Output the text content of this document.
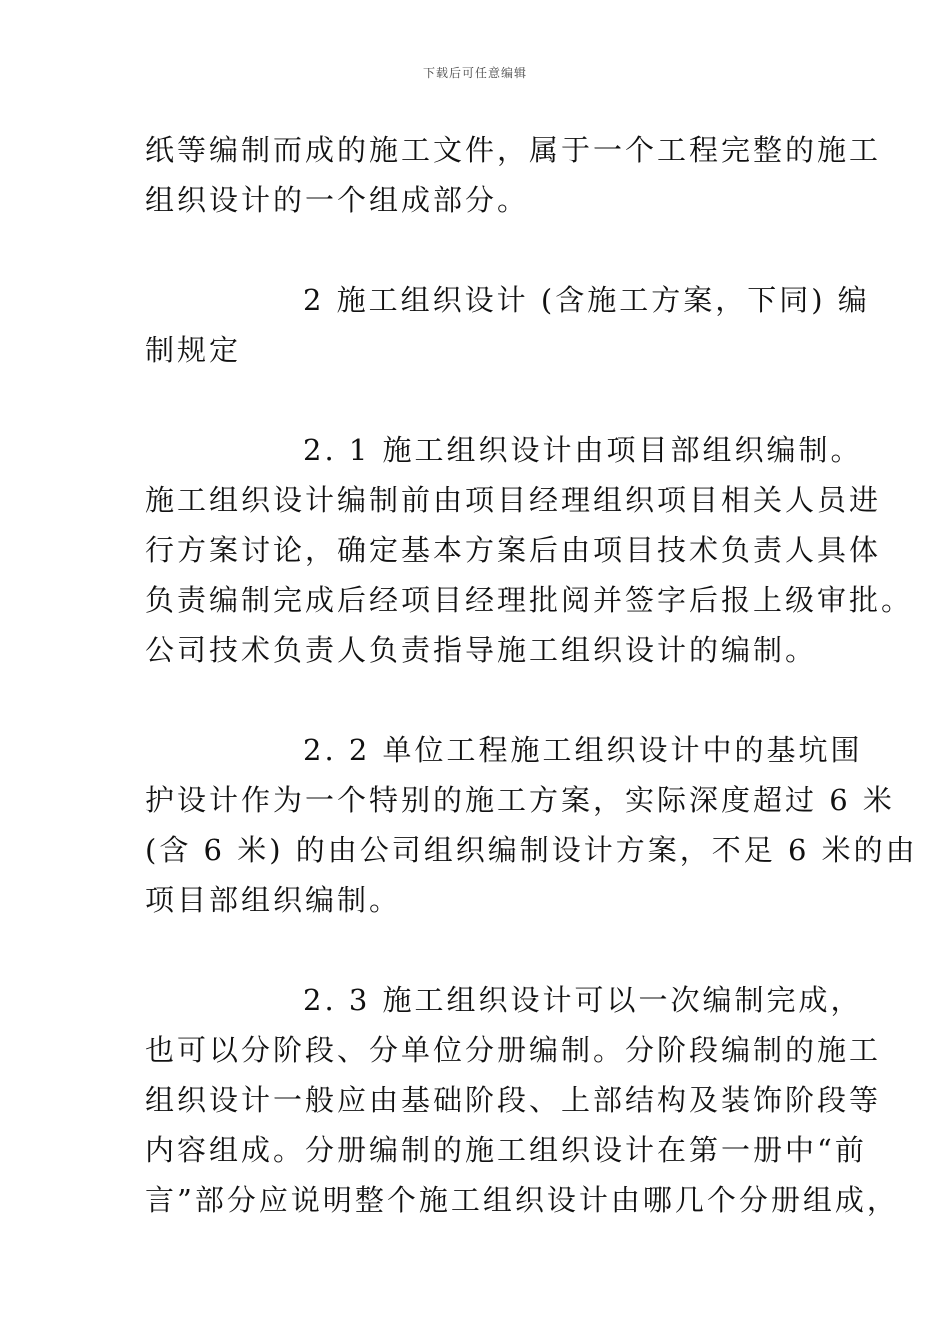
下载后可任意编辑
纸等编制而成的施工文件，属于一个工程完整的施工
组织设计的一个组成部分。
2 施工组织设计 (含施工方案，下同) 编
制规定
2. 1 施工组织设计由项目部组织编制。
施工组织设计编制前由项目经理组织项目相关人员进
行方案讨论，确定基本方案后由项目技术负责人具体
负责编制完成后经项目经理批阅并签字后报上级审批。
公司技术负责人负责指导施工组织设计的编制。
2. 2 单位工程施工组织设计中的基坑围
护设计作为一个特别的施工方案，实际深度超过 6 米
(含 6 米) 的由公司组织编制设计方案，不足 6 米的由
项目部组织编制。
2. 3 施工组织设计可以一次编制完成，
也可以分阶段、分单位分册编制。分阶段编制的施工
组织设计一般应由基础阶段、上部结构及装饰阶段等
内容组成。分册编制的施工组织设计在第一册中“前
言”部分应说明整个施工组织设计由哪几个分册组成，
